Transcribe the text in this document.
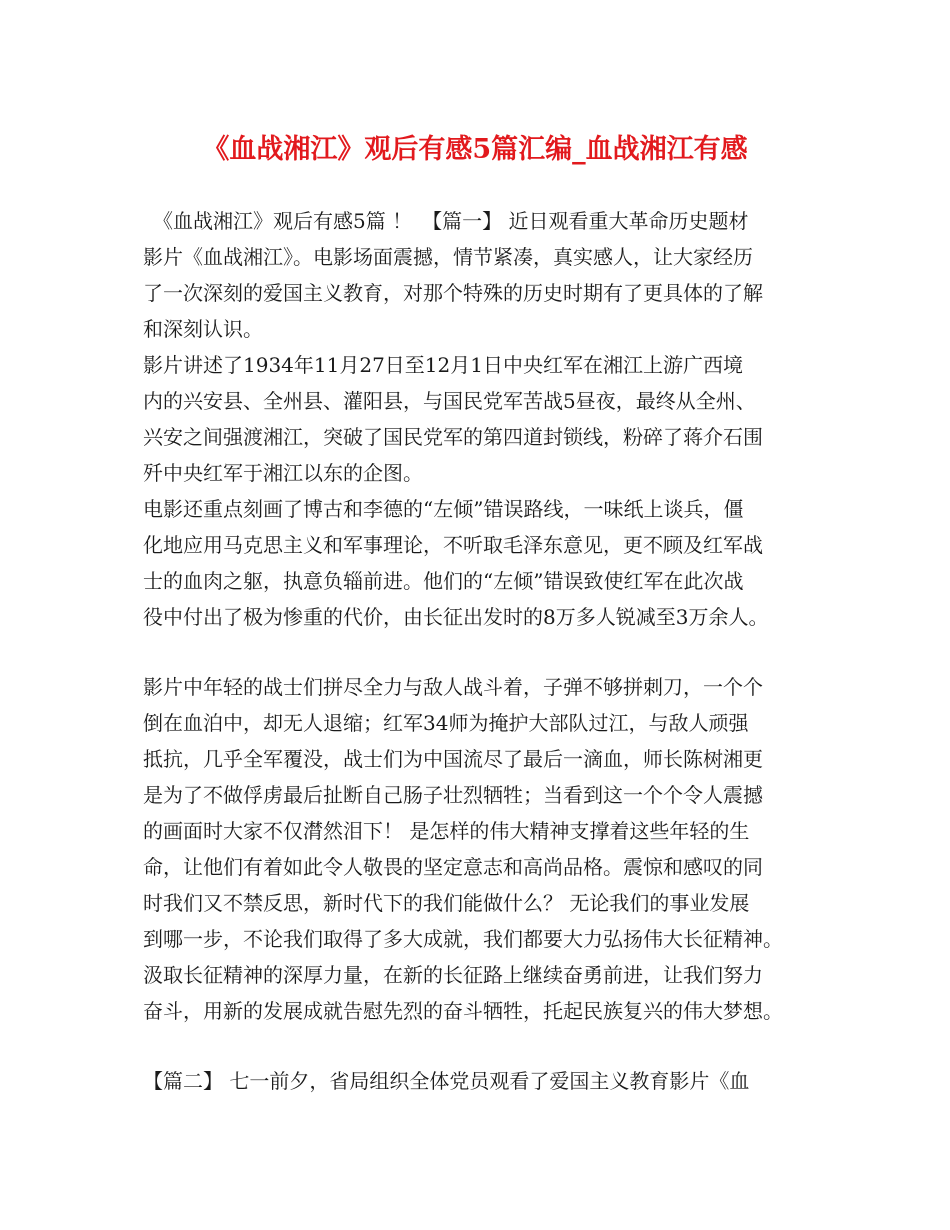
《血战湘江》观后有感5篇汇编_血战湘江有感
　《血战湘江》观后有感5篇 ！　【篇一】 近日观看重大革命历史题材
影片《血战湘江》。电影场面震撼，情节紧凑，真实感人，让大家经历
了一次深刻的爱国主义教育，对那个特殊的历史时期有了更具体的了解
和深刻认识。
影片讲述了1934年11月27日至12月1日中央红军在湘江上游广西境
内的兴安县、全州县、灌阳县，与国民党军苦战5昼夜，最终从全州、
兴安之间强渡湘江，突破了国民党军的第四道封锁线，粉碎了蒋介石围
歼中央红军于湘江以东的企图。
电影还重点刻画了博古和李德的“左倾”错误路线，一味纸上谈兵，僵
化地应用马克思主义和军事理论，不听取毛泽东意见，更不顾及红军战
士的血肉之躯，执意负辎前进。他们的“左倾”错误致使红军在此次战
役中付出了极为惨重的代价，由长征出发时的8万多人锐减至3万余人。
影片中年轻的战士们拼尽全力与敌人战斗着，子弹不够拼刺刀，一个个
倒在血泊中，却无人退缩；红军34师为掩护大部队过江，与敌人顽强
抵抗，几乎全军覆没，战士们为中国流尽了最后一滴血，师长陈树湘更
是为了不做俘虏最后扯断自己肠子壮烈牺牲；当看到这一个个令人震撼
的画面时大家不仅潸然泪下！ 是怎样的伟大精神支撑着这些年轻的生
命，让他们有着如此令人敬畏的坚定意志和高尚品格。震惊和感叹的同
时我们又不禁反思，新时代下的我们能做什么？ 无论我们的事业发展
到哪一步，不论我们取得了多大成就，我们都要大力弘扬伟大长征精神。
汲取长征精神的深厚力量，在新的长征路上继续奋勇前进，让我们努力
奋斗，用新的发展成就告慰先烈的奋斗牺牲，托起民族复兴的伟大梦想。
【篇二】 七一前夕，省局组织全体党员观看了爱国主义教育影片《血
